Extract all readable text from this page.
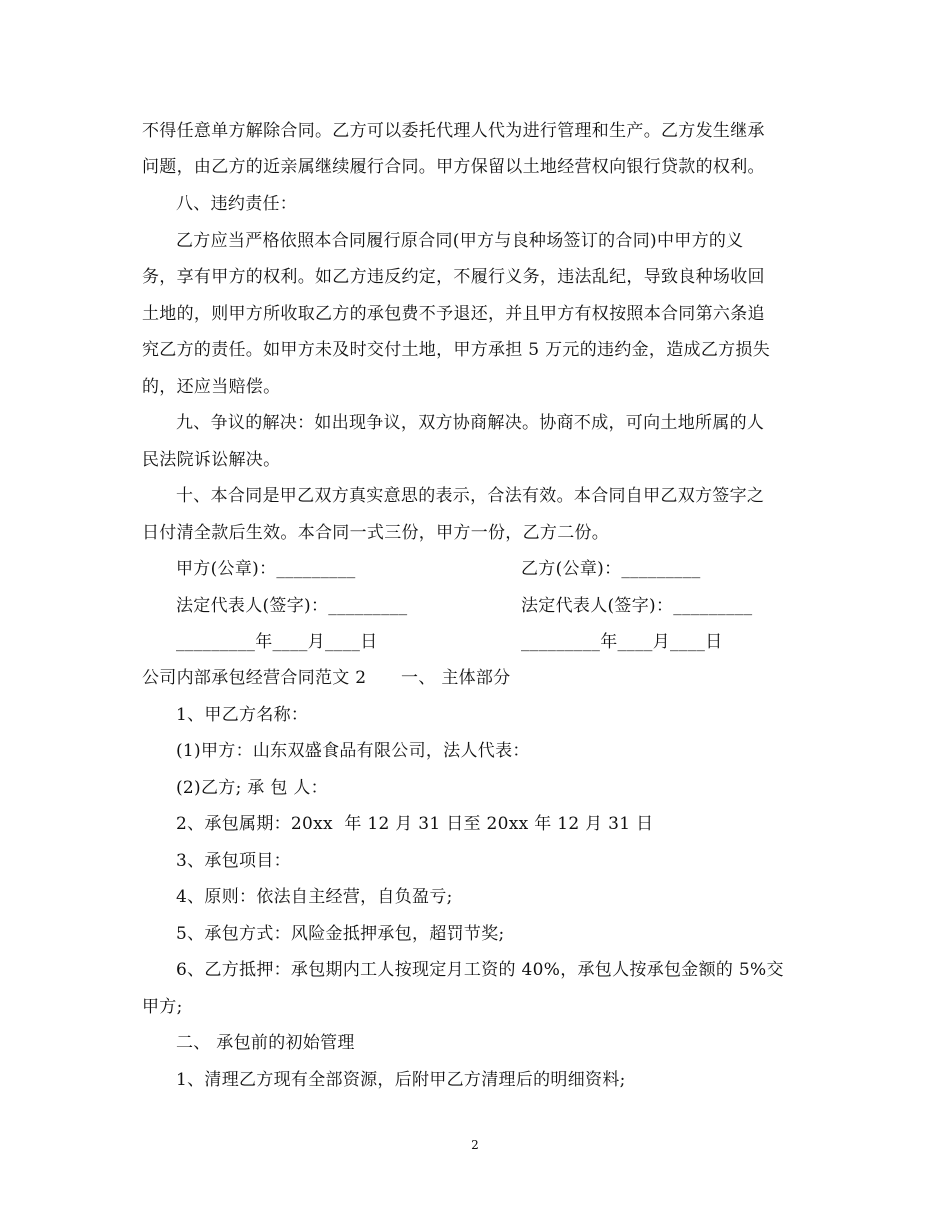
不得任意单方解除合同。乙方可以委托代理人代为进行管理和生产。乙方发生继承
问题，由乙方的近亲属继续履行合同。甲方保留以土地经营权向银行贷款的权利。
八、违约责任：
乙方应当严格依照本合同履行原合同(甲方与良种场签订的合同)中甲方的义
务，享有甲方的权利。如乙方违反约定，不履行义务，违法乱纪，导致良种场收回
土地的，则甲方所收取乙方的承包费不予退还，并且甲方有权按照本合同第六条追
究乙方的责任。如甲方未及时交付土地，甲方承担 5 万元的违约金，造成乙方损失
的，还应当赔偿。
九、争议的解决：如出现争议，双方协商解决。协商不成，可向土地所属的人
民法院诉讼解决。
十、本合同是甲乙双方真实意思的表示，合法有效。本合同自甲乙双方签字之
日付清全款后生效。本合同一式三份，甲方一份，乙方二份。
甲方(公章)：_________	乙方(公章)：_________
法定代表人(签字)：_________	法定代表人(签字)：_________
_________年____月____日	_________年____月____日
公司内部承包经营合同范文 2　　一、 主体部分
1、甲乙方名称：
(1)甲方：山东双盛食品有限公司，法人代表：
(2)乙方; 承 包 人：
2、承包属期：20xx  年 12 月 31 日至 20xx 年 12 月 31 日
3、承包项目：
4、原则：依法自主经营，自负盈亏;
5、承包方式：风险金抵押承包，超罚节奖;
6、乙方抵押：承包期内工人按现定月工资的 40%，承包人按承包金额的 5%交
甲方;
二、 承包前的初始管理
1、清理乙方现有全部资源，后附甲乙方清理后的明细资料;
2
